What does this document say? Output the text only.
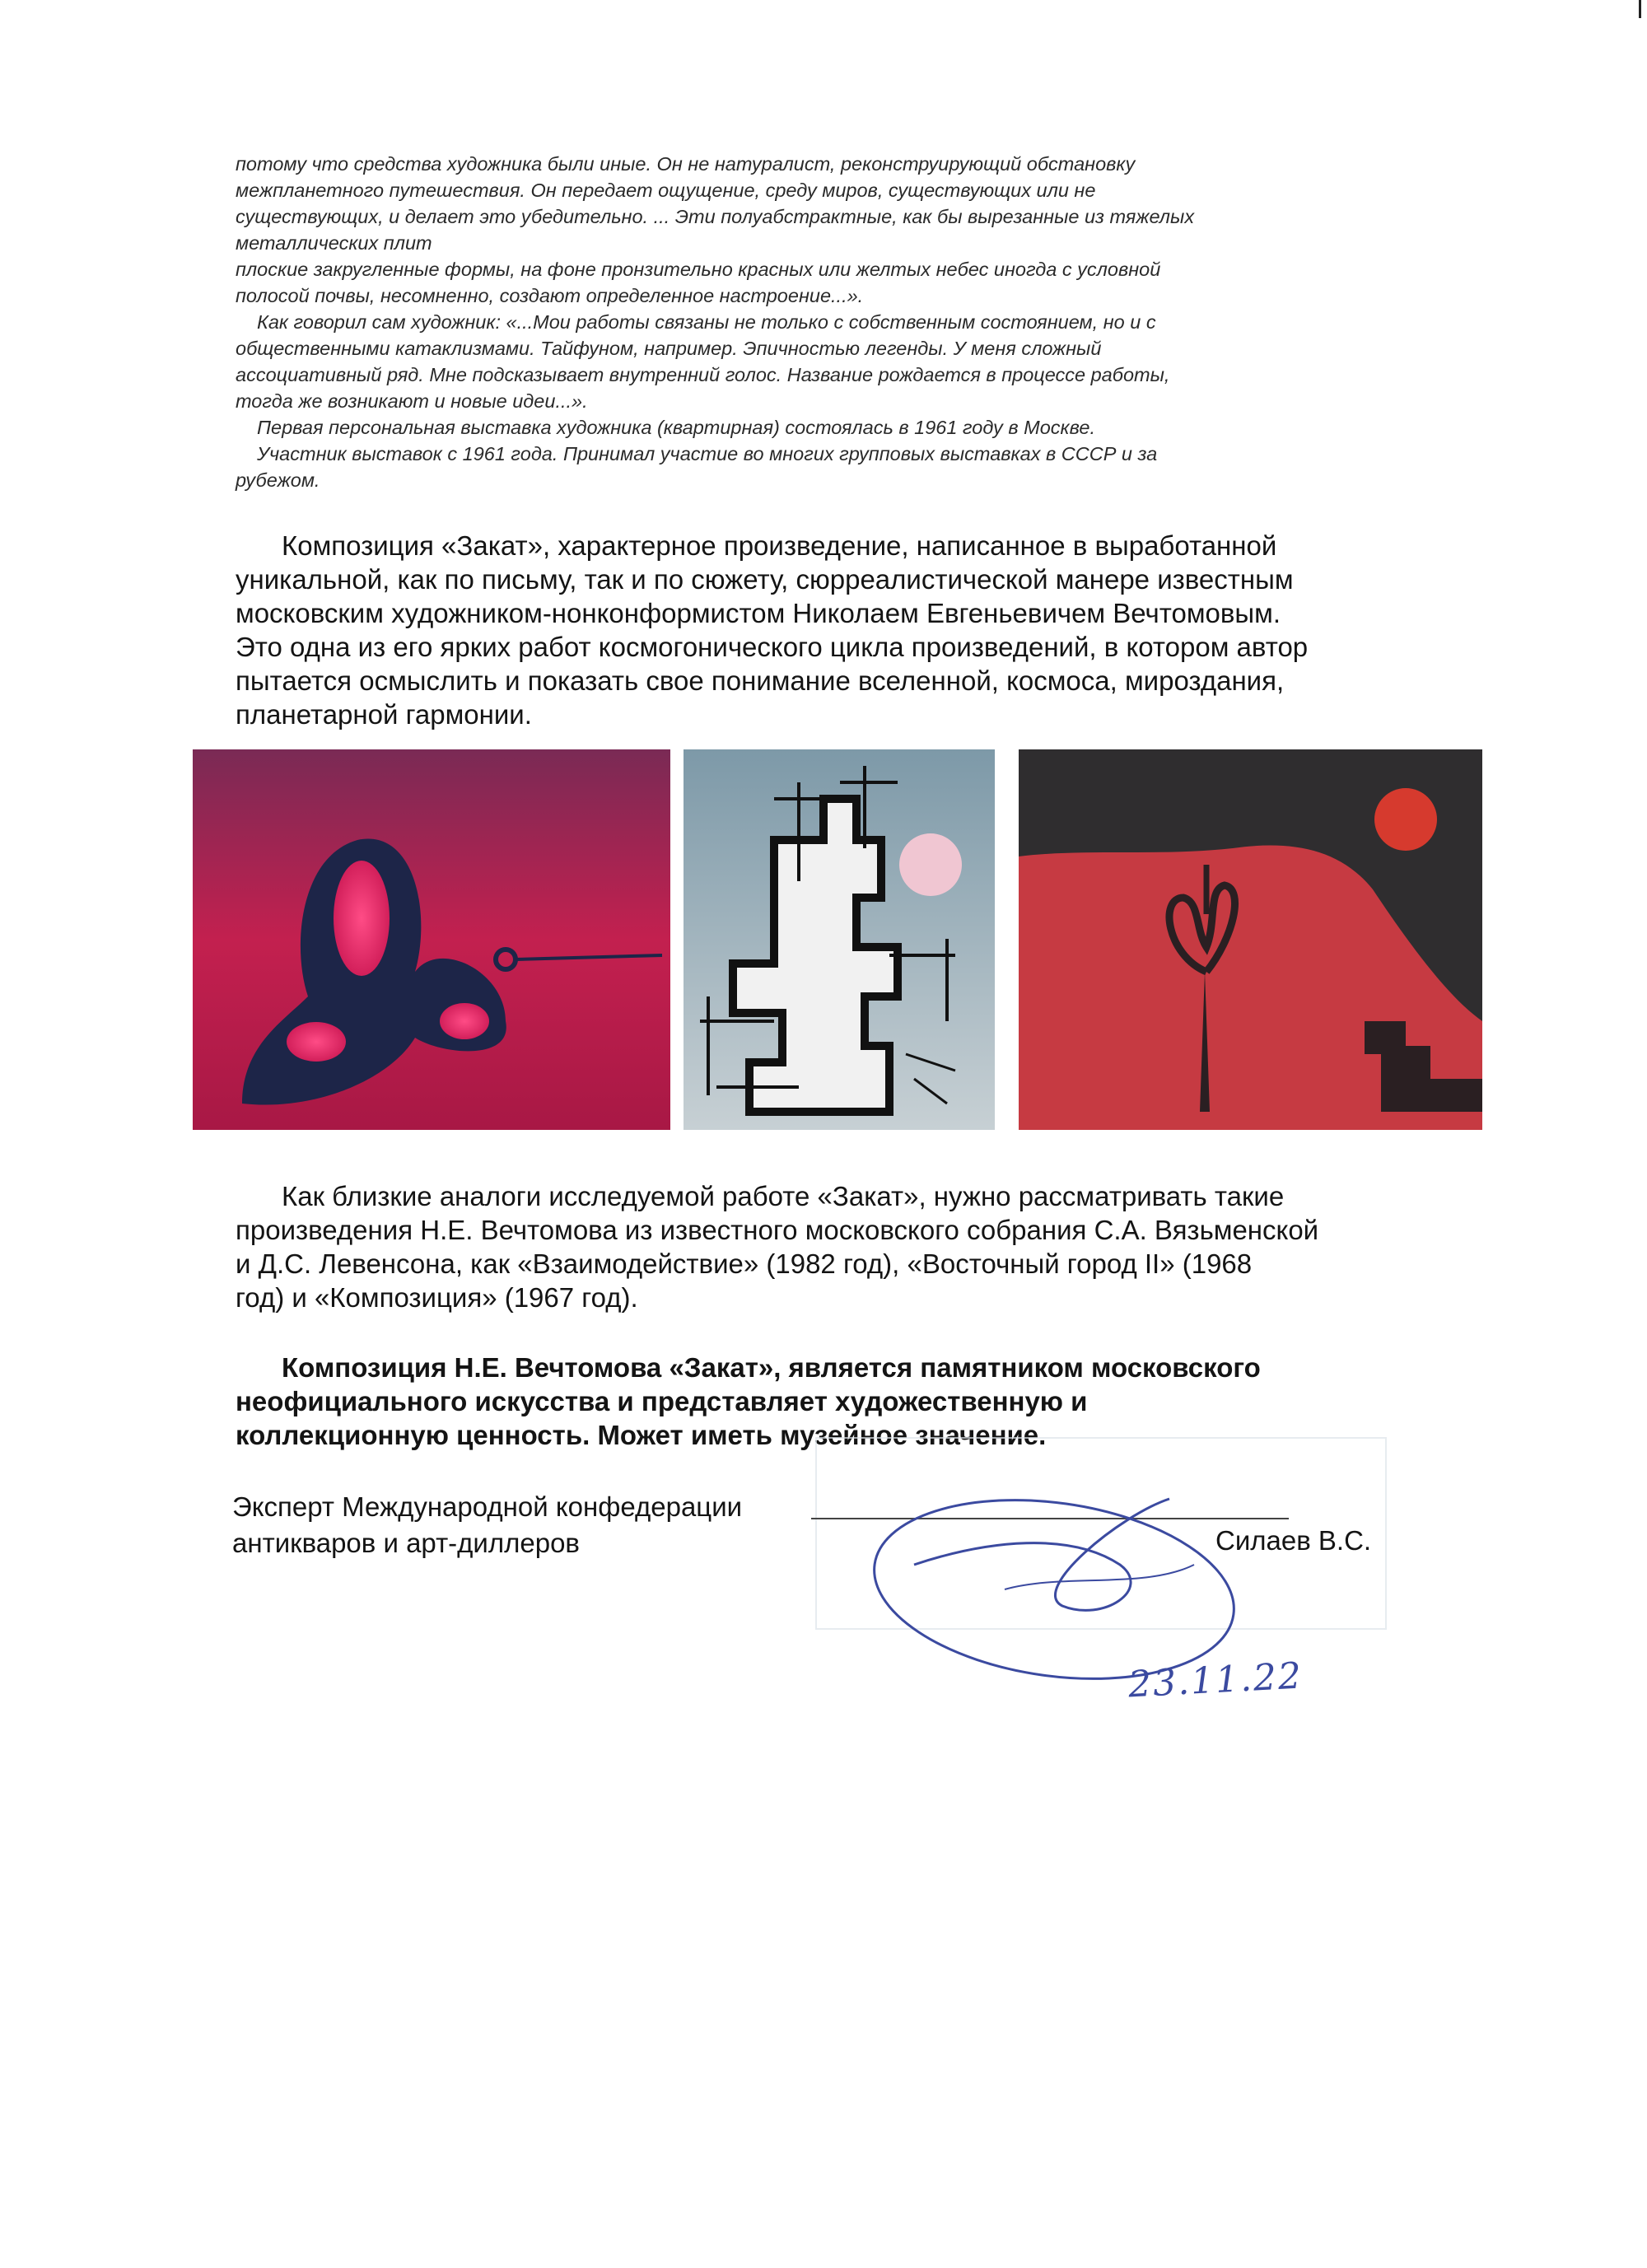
потому что средства художника были иные. Он не натуралист, реконструирующий обстановку

межпланетного путешествия. Он передает ощущение, среду миров, существующих или не

существующих, и делает это убедительно. ... Эти полуабстрактные, как бы вырезанные из тяжелых

металлических плит

плоские закругленные формы, на фоне пронзительно красных или желтых небес иногда с условной

полосой почвы, несомненно, создают определенное настроение...».

Как говорил сам художник: «...Мои работы связаны не только с собственным состоянием, но и с

общественными катаклизмами. Тайфуном, например. Эпичностью легенды. У меня сложный

ассоциативный ряд. Мне подсказывает внутренний голос. Название рождается в процессе работы,

тогда же возникают и новые идеи...».

Первая персональная выставка художника (квартирная) состоялась в 1961 году в Москве.

Участник выставок с 1961 года. Принимал участие во многих групповых выставках в СССР и за

рубежом.

Композиция «Закат», характерное произведение, написанное в выработанной

уникальной, как по письму, так и по сюжету, сюрреалистической манере известным

московским художником-нонконформистом Николаем Евгеньевичем Вечтомовым.

Это одна из его ярких работ космогонического цикла произведений, в котором автор

пытается осмыслить и показать свое понимание вселенной, космоса, мироздания,

планетарной гармонии.

Как близкие аналоги исследуемой работе «Закат», нужно рассматривать такие

произведения Н.Е. Вечтомова из известного московского собрания С.А. Вязьменской

и Д.С. Левенсона, как «Взаимодействие» (1982 год), «Восточный город II» (1968

год) и «Композиция» (1967 год).

Композиция Н.Е. Вечтомова «Закат», является памятником московского

неофициального искусства и представляет художественную и

коллекционную ценность. Может иметь музейное значение.

Эксперт Международной конфедерации

антикваров и арт-диллеров	Силаев В.С.
23.11.22
